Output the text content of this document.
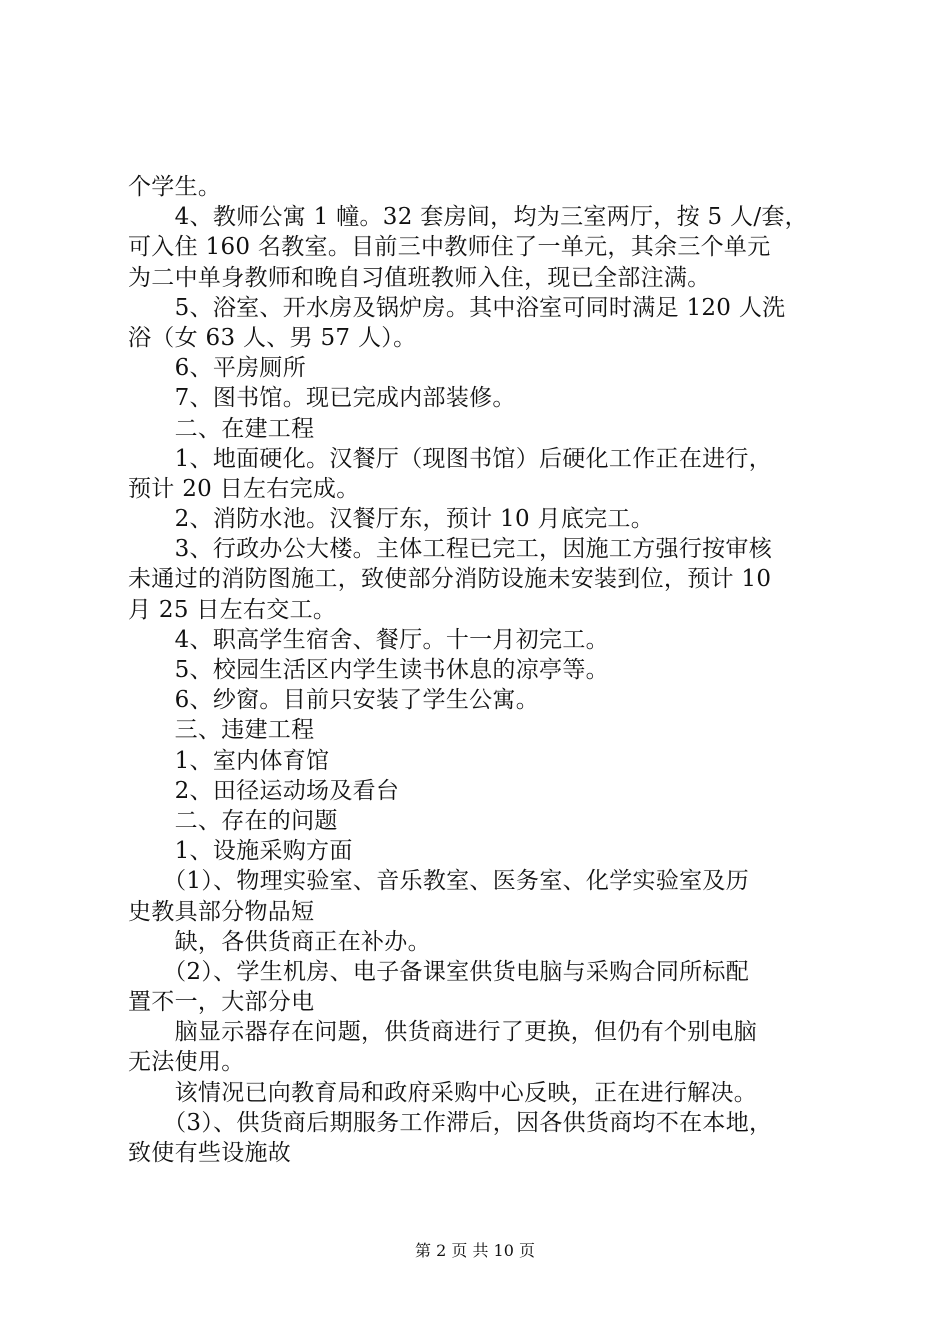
个学生。
　　4、教师公寓 1 幢。32 套房间，均为三室两厅，按 5 人/套，
可入住 160 名教室。目前三中教师住了一单元，其余三个单元
为二中单身教师和晚自习值班教师入住，现已全部注满。
　　5、浴室、开水房及锅炉房。其中浴室可同时满足 120 人洗
浴（女 63 人、男 57 人）。
　　6、平房厕所
　　7、图书馆。现已完成内部装修。
　　二、在建工程
　　1、地面硬化。汉餐厅（现图书馆）后硬化工作正在进行，
预计 20 日左右完成。
　　2、消防水池。汉餐厅东，预计 10 月底完工。
　　3、行政办公大楼。主体工程已完工，因施工方强行按审核
未通过的消防图施工，致使部分消防设施未安装到位，预计 10
月 25 日左右交工。
　　4、职高学生宿舍、餐厅。十一月初完工。
　　5、校园生活区内学生读书休息的凉亭等。
　　6、纱窗。目前只安装了学生公寓。
　　三、违建工程
　　1、室内体育馆
　　2、田径运动场及看台
　　二、存在的问题
　　1、设施采购方面
　　（1）、物理实验室、音乐教室、医务室、化学实验室及历
史教具部分物品短
　　缺，各供货商正在补办。
　　（2）、学生机房、电子备课室供货电脑与采购合同所标配
置不一，大部分电
　　脑显示器存在问题，供货商进行了更换，但仍有个别电脑
无法使用。
　　该情况已向教育局和政府采购中心反映，正在进行解决。
　　（3）、供货商后期服务工作滞后，因各供货商均不在本地，
致使有些设施故
第 2 页 共 10 页
